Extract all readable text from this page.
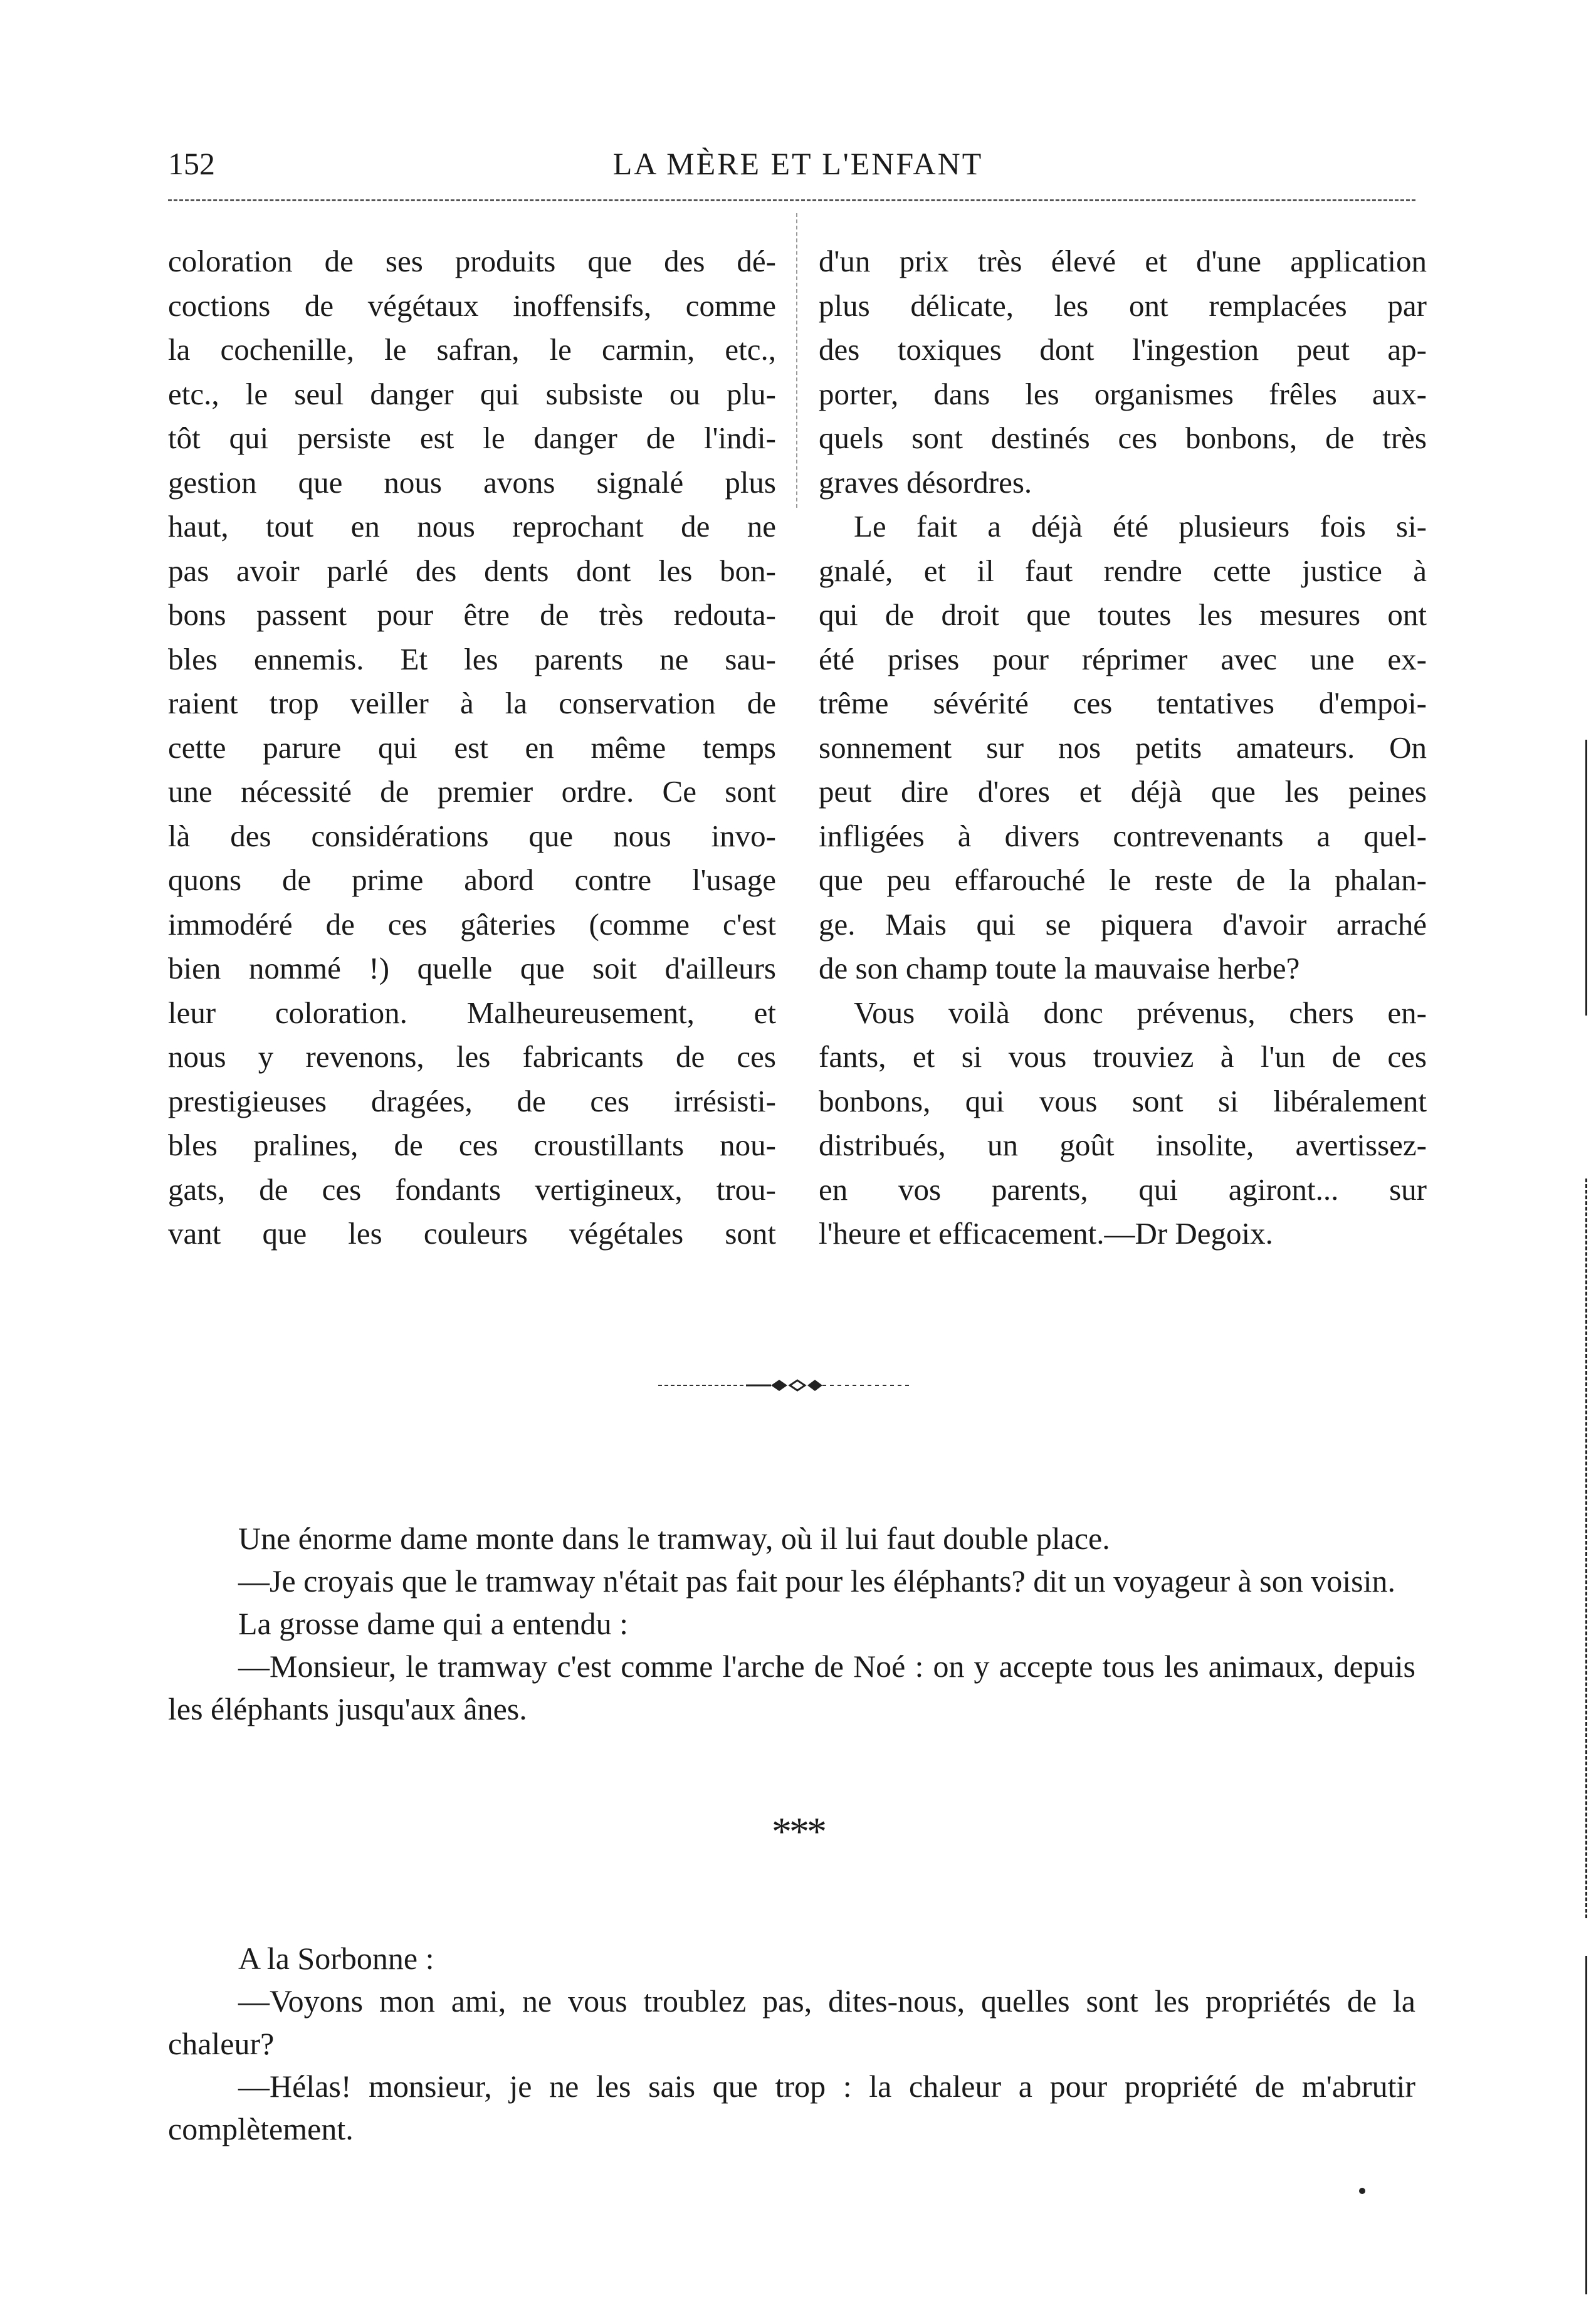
152	LA MÈRE ET L'ENFANT
coloration de ses produits que des dé-
coctions de végétaux inoffensifs, comme
la cochenille, le safran, le carmin, etc.,
etc., le seul danger qui subsiste ou plu-
tôt qui persiste est le danger de l'indi-
gestion que nous avons signalé plus
haut, tout en nous reprochant de ne
pas avoir parlé des dents dont les bon-
bons passent pour être de très redouta-
bles ennemis. Et les parents ne sau-
raient trop veiller à la conservation de
cette parure qui est en même temps
une nécessité de premier ordre. Ce sont
là des considérations que nous invo-
quons de prime abord contre l'usage
immodéré de ces gâteries (comme c'est
bien nommé !) quelle que soit d'ailleurs
leur coloration. Malheureusement, et
nous y revenons, les fabricants de ces
prestigieuses dragées, de ces irrésisti-
bles pralines, de ces croustillants nou-
gats, de ces fondants vertigineux, trou-
vant que les couleurs végétales sont
d'un prix très élevé et d'une application
plus délicate, les ont remplacées par
des toxiques dont l'ingestion peut ap-
porter, dans les organismes frêles aux-
quels sont destinés ces bonbons, de très
graves désordres.
Le fait a déjà été plusieurs fois si-
gnalé, et il faut rendre cette justice à
qui de droit que toutes les mesures ont
été prises pour réprimer avec une ex-
trême sévérité ces tentatives d'empoi-
sonnement sur nos petits amateurs. On
peut dire d'ores et déjà que les peines
infligées à divers contrevenants a quel-
que peu effarouché le reste de la phalan-
ge. Mais qui se piquera d'avoir arraché
de son champ toute la mauvaise herbe?
Vous voilà donc prévenus, chers en-
fants, et si vous trouviez à l'un de ces
bonbons, qui vous sont si libéralement
distribués, un goût insolite, avertissez-
en vos parents, qui agiront... sur
l'heure et efficacement.—Dr Degoix.

Une énorme dame monte dans le tramway, où il lui faut double place.

—Je croyais que le tramway n'était pas fait pour les éléphants? dit un voyageur à son voisin.

La grosse dame qui a entendu :

—Monsieur, le tramway c'est comme l'arche de Noé : on y accepte tous les animaux, depuis les éléphants jusqu'aux ânes.

***

A la Sorbonne :

—Voyons mon ami, ne vous troublez pas, dites-nous, quelles sont les propriétés de la chaleur?

—Hélas! monsieur, je ne les sais que trop : la chaleur a pour propriété de m'abrutir complètement.
